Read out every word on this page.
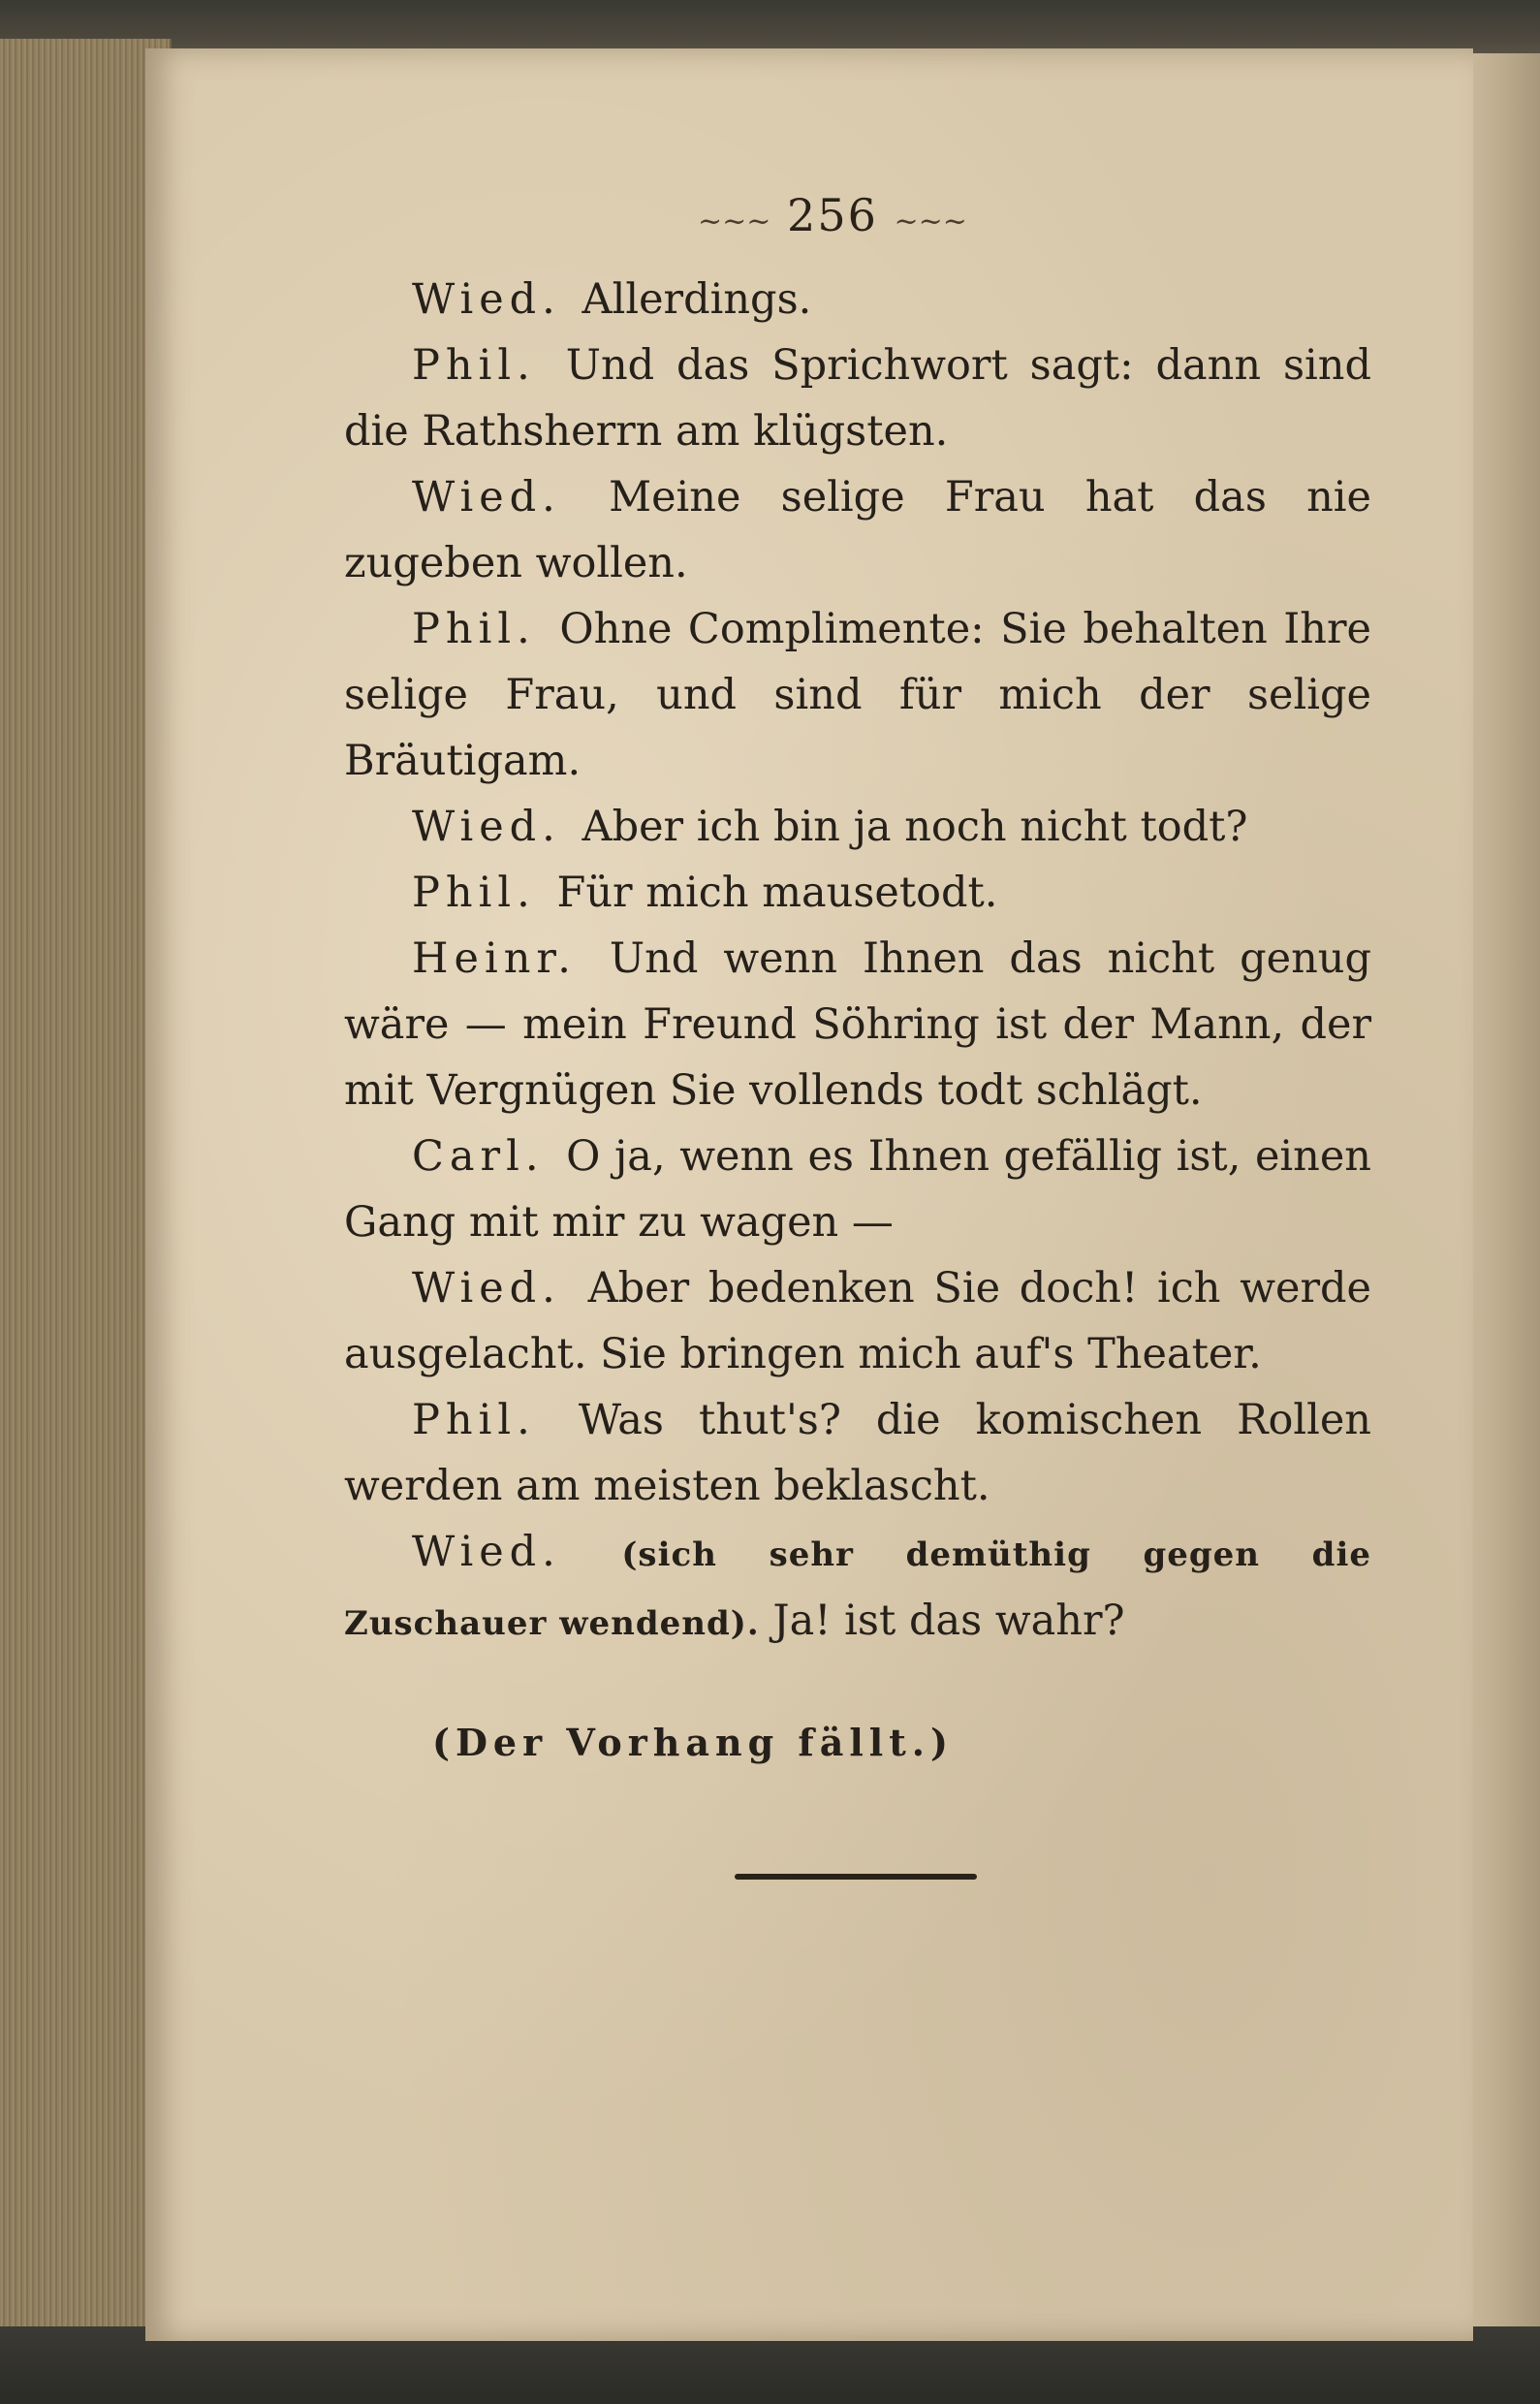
~~~ 256 ~~~

Wied. Allerdings.

Phil. Und das Sprichwort sagt: dann sind die Rathsherrn am klügsten.

Wied. Meine selige Frau hat das nie zugeben wollen.

Phil. Ohne Complimente: Sie behalten Ihre selige Frau, und sind für mich der selige Bräutigam.

Wied. Aber ich bin ja noch nicht todt?

Phil. Für mich mausetodt.

Heinr. Und wenn Ihnen das nicht genug wäre — mein Freund Söhring ist der Mann, der mit Vergnügen Sie vollends todt schlägt.

Carl. O ja, wenn es Ihnen gefällig ist, einen Gang mit mir zu wagen —

Wied. Aber bedenken Sie doch! ich werde ausgelacht. Sie bringen mich auf's Theater.

Phil. Was thut's? die komischen Rollen werden am meisten beklascht.

Wied. (sich sehr demüthig gegen die Zuschauer wendend). Ja! ist das wahr?

(Der Vorhang fällt.)
